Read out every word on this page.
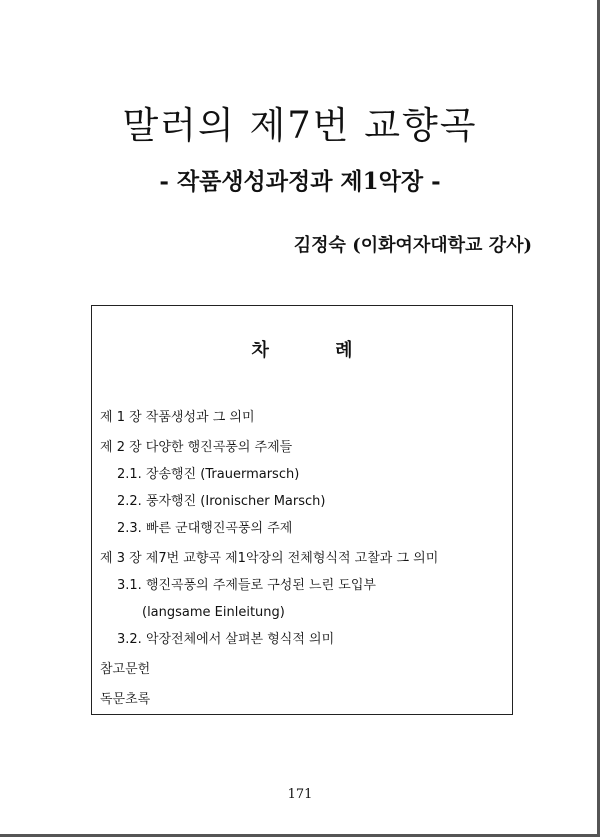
말러의 제7번 교향곡
- 작품생성과정과 제1악장 -
김정숙 (이화여자대학교 강사)
차 례
제 1 장 작품생성과 그 의미
제 2 장 다양한 행진곡풍의 주제들
2.1. 장송행진 (Trauermarsch)
2.2. 풍자행진 (Ironischer Marsch)
2.3. 빠른 군대행진곡풍의 주제
제 3 장 제7번 교향곡 제1악장의 전체형식적 고찰과 그 의미
3.1. 행진곡풍의 주제들로 구성된 느린 도입부
(langsame Einleitung)
3.2. 악장전체에서 살펴본 형식적 의미
참고문헌
독문초록
171
